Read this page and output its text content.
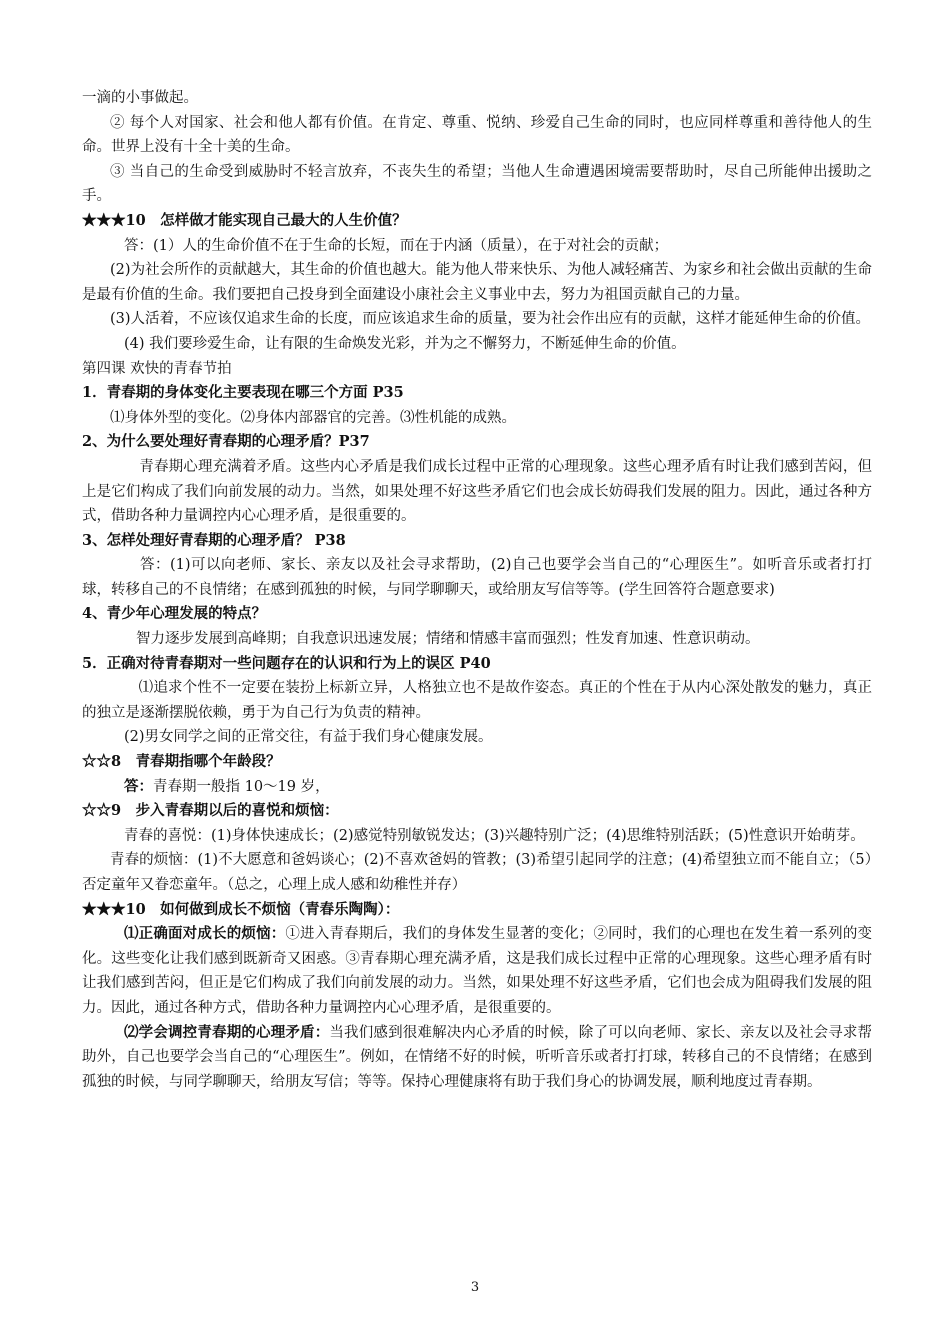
一滴的小事做起。

② 每个人对国家、社会和他人都有价值。在肯定、尊重、悦纳、珍爱自己生命的同时，也应同样尊重和善待他人的生命。世界上没有十全十美的生命。

③ 当自己的生命受到威胁时不轻言放弃，不丧失生的希望；当他人生命遭遇困境需要帮助时，尽自己所能伸出援助之手。

★★★10　怎样做才能实现自己最大的人生价值？

答：(1）人的生命价值不在于生命的长短，而在于内涵（质量），在于对社会的贡献；

(2)为社会所作的贡献越大，其生命的价值也越大。能为他人带来快乐、为他人减轻痛苦、为家乡和社会做出贡献的生命是最有价值的生命。我们要把自己投身到全面建设小康社会主义事业中去，努力为祖国贡献自己的力量。

(3)人活着，不应该仅追求生命的长度，而应该追求生命的质量，要为社会作出应有的贡献，这样才能延伸生命的价值。

(4) 我们要珍爱生命，让有限的生命焕发光彩，并为之不懈努力，不断延伸生命的价值。

第四课 欢快的青春节拍

1．青春期的身体变化主要表现在哪三个方面 P35

⑴身体外型的变化。⑵身体内部器官的完善。⑶性机能的成熟。

2、为什么要处理好青春期的心理矛盾？P37

　　青春期心理充满着矛盾。这些内心矛盾是我们成长过程中正常的心理现象。这些心理矛盾有时让我们感到苦闷，但上是它们构成了我们向前发展的动力。当然，如果处理不好这些矛盾它们也会成长妨碍我们发展的阻力。因此，通过各种方式，借助各种力量调控内心心理矛盾，是很重要的。

3、怎样处理好青春期的心理矛盾？ P38

　　答：(1)可以向老师、家长、亲友以及社会寻求帮助，(2)自己也要学会当自己的“心理医生”。如听音乐或者打打球，转移自己的不良情绪；在感到孤独的时候，与同学聊聊天，或给朋友写信等等。(学生回答符合题意要求)

4、青少年心理发展的特点？

智力逐步发展到高峰期；自我意识迅速发展；情绪和情感丰富而强烈；性发育加速、性意识萌动。

5．正确对待青春期对一些问题存在的认识和行为上的误区 P40

　⑴追求个性不一定要在装扮上标新立异，人格独立也不是故作姿态。真正的个性在于从内心深处散发的魅力，真正的独立是逐渐摆脱依赖，勇于为自己行为负责的精神。

(2)男女同学之间的正常交往，有益于我们身心健康发展。

☆☆8　青春期指哪个年龄段？

答：青春期一般指 10～19 岁，

☆☆9　步入青春期以后的喜悦和烦恼：

青春的喜悦：(1)身体快速成长；(2)感觉特别敏锐发达；(3)兴趣特别广泛；(4)思维特别活跃；(5)性意识开始萌芽。

青春的烦恼：(1)不大愿意和爸妈谈心；(2)不喜欢爸妈的管教；(3)希望引起同学的注意；(4)希望独立而不能自立；（5）否定童年又眷恋童年。（总之，心理上成人感和幼稚性并存）

★★★10　如何做到成长不烦恼（青春乐陶陶）：

⑴正确面对成长的烦恼：①进入青春期后，我们的身体发生显著的变化；②同时，我们的心理也在发生着一系列的变化。这些变化让我们感到既新奇又困惑。③青春期心理充满矛盾，这是我们成长过程中正常的心理现象。这些心理矛盾有时让我们感到苦闷，但正是它们构成了我们向前发展的动力。当然，如果处理不好这些矛盾，它们也会成为阻碍我们发展的阻力。因此，通过各种方式，借助各种力量调控内心心理矛盾，是很重要的。

⑵学会调控青春期的心理矛盾：当我们感到很难解决内心矛盾的时候，除了可以向老师、家长、亲友以及社会寻求帮助外，自己也要学会当自己的“心理医生”。例如，在情绪不好的时候，听听音乐或者打打球，转移自己的不良情绪；在感到孤独的时候，与同学聊聊天，给朋友写信；等等。保持心理健康将有助于我们身心的协调发展，顺利地度过青春期。

3
